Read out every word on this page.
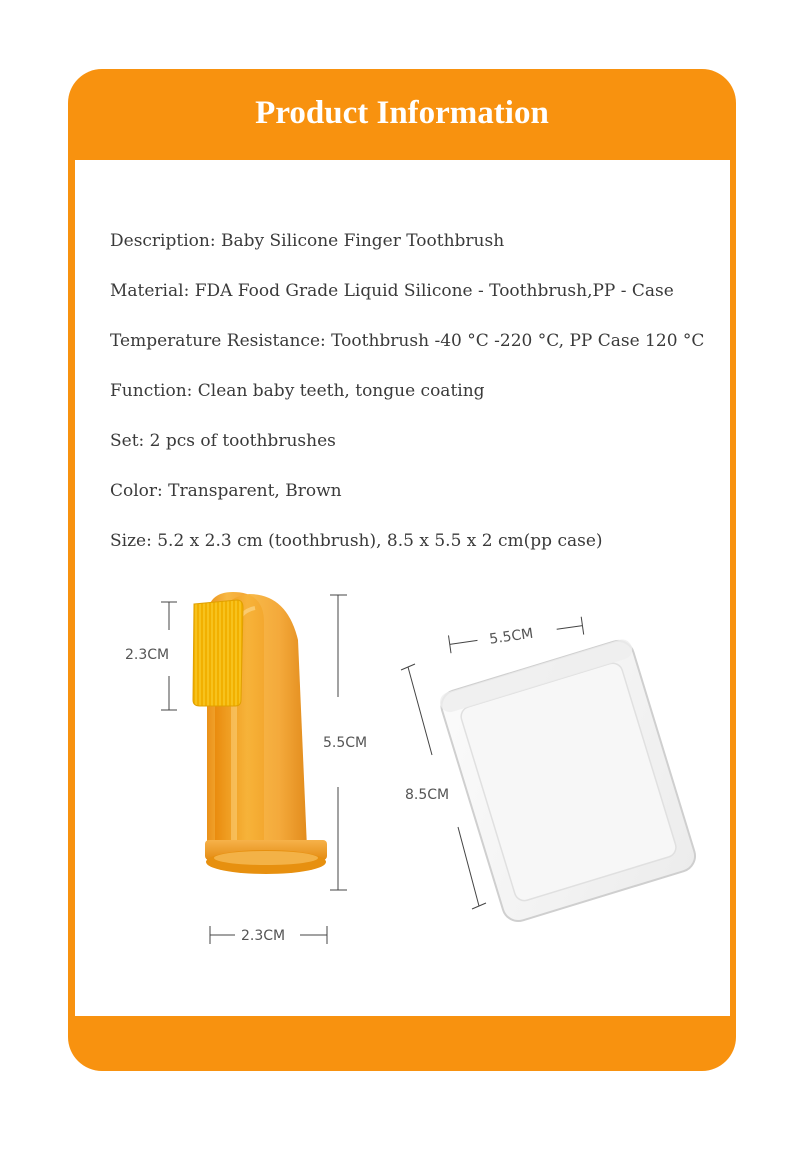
Product Information
Description: Baby Silicone Finger Toothbrush
Material: FDA Food Grade Liquid Silicone - Toothbrush,PP - Case
Temperature Resistance: Toothbrush -40 °C -220 °C, PP Case 120 °C
Function: Clean baby teeth, tongue coating
Set: 2 pcs of toothbrushes
Color: Transparent, Brown
Size: 5.2 x 2.3 cm (toothbrush), 8.5 x 5.5 x 2 cm(pp case)
2.3CM
5.5CM
2.3CM
5.5CM
8.5CM
